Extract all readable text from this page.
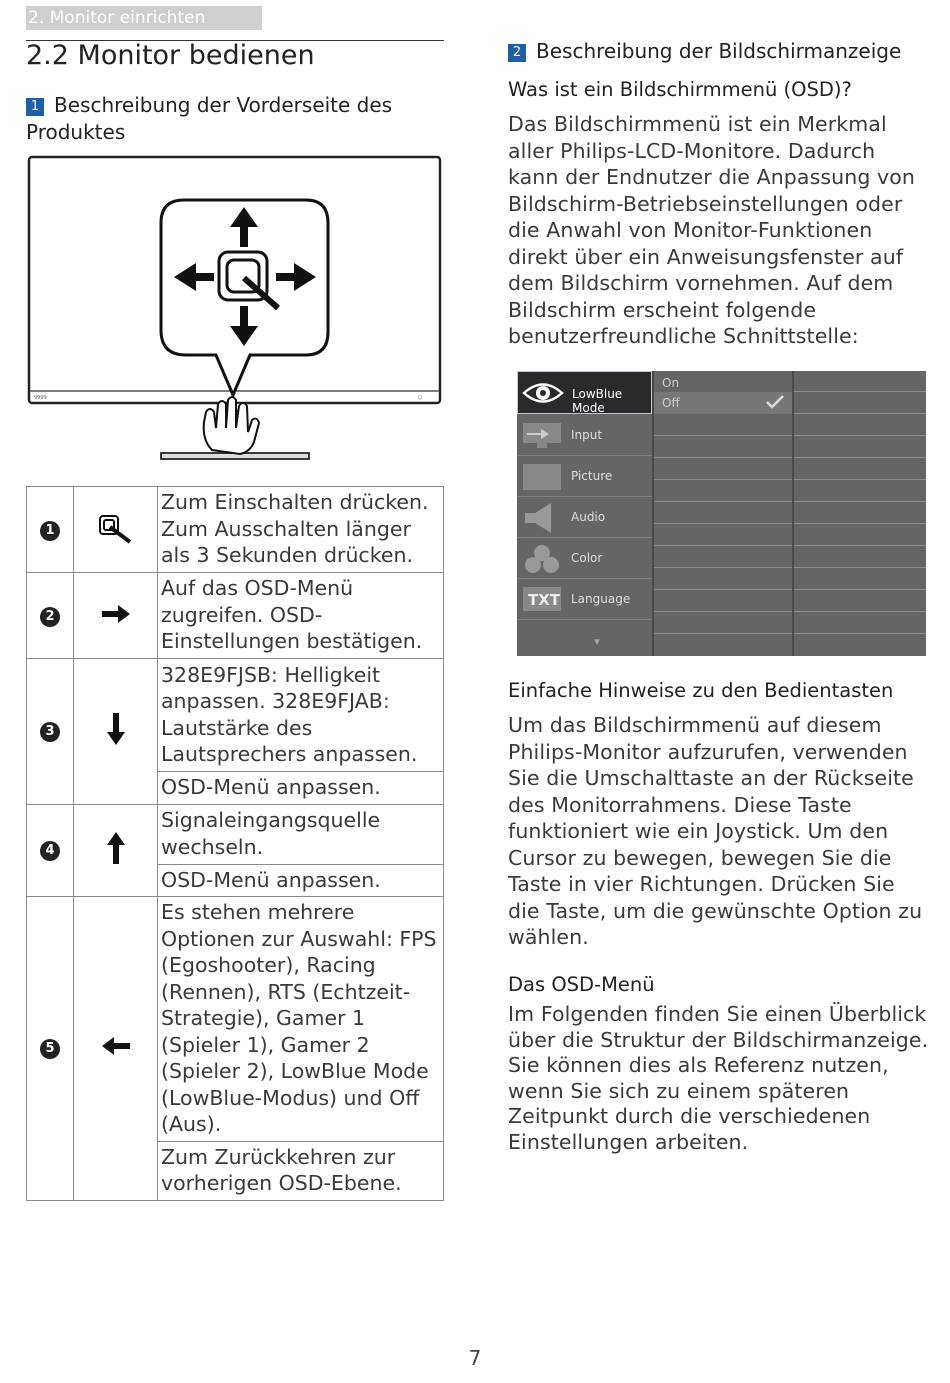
2. Monitor einrichten
2.2 Monitor bedienen
1 Beschreibung der Vorderseite des Produktes
9999	⏻
1		Zum Einschalten drücken. Zum Ausschalten länger als 3 Sekunden drücken.
2		Auf das OSD-Menü zugreifen. OSD-Einstellungen bestätigen.
3		328E9FJSB: Helligkeit anpassen. 328E9FJAB: Lautstärke des Lautsprechers anpassen.
		OSD-Menü anpassen.
4		Signaleingangsquelle wechseln.
		OSD-Menü anpassen.
5		Es stehen mehrere Optionen zur Auswahl: FPS (Egoshooter), Racing (Rennen), RTS (Echtzeit-Strategie), Gamer 1 (Spieler 1), Gamer 2 (Spieler 2), LowBlue Mode (LowBlue-Modus) und Off (Aus).
		Zum Zurückkehren zur vorherigen OSD-Ebene.
2 Beschreibung der Bildschirmanzeige
Was ist ein Bildschirmmenü (OSD)?
Das Bildschirmmenü ist ein Merkmal aller Philips-LCD-Monitore. Dadurch kann der Endnutzer die Anpassung von Bildschirm-Betriebseinstellungen oder die Anwahl von Monitor-Funktionen direkt über ein Anweisungsfenster auf dem Bildschirm vornehmen. Auf dem Bildschirm erscheint folgende benutzerfreundliche Schnittstelle:
LowBlue Mode
Input
Picture
Audio
Color
TXT Language
▾
On
Off
Einfache Hinweise zu den Bedientasten
Um das Bildschirmmenü auf diesem Philips-Monitor aufzurufen, verwenden Sie die Umschalttaste an der Rückseite des Monitorrahmens. Diese Taste funktioniert wie ein Joystick. Um den Cursor zu bewegen, bewegen Sie die Taste in vier Richtungen. Drücken Sie die Taste, um die gewünschte Option zu wählen.
Das OSD-Menü
Im Folgenden finden Sie einen Überblick über die Struktur der Bildschirmanzeige. Sie können dies als Referenz nutzen, wenn Sie sich zu einem späteren Zeitpunkt durch die verschiedenen Einstellungen arbeiten.
7
